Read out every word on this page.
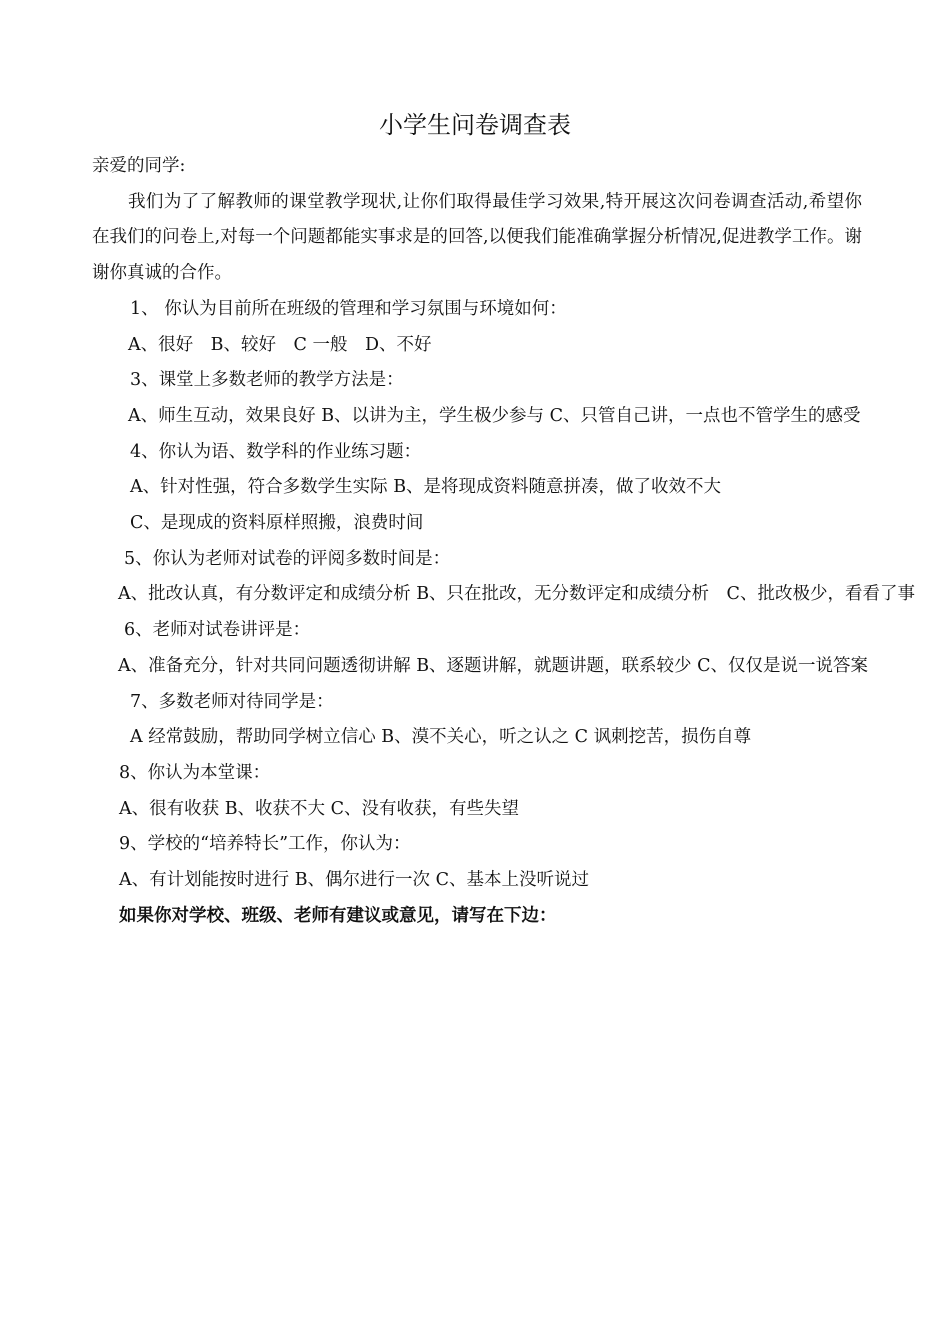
小学生问卷调查表

亲爱的同学:

我们为了了解教师的课堂教学现状,让你们取得最佳学习效果,特开展这次问卷调查活动,希望你在我们的问卷上,对每一个问题都能实事求是的回答,以便我们能准确掌握分析情况,促进教学工作。谢谢你真诚的合作。

1、 你认为目前所在班级的管理和学习氛围与环境如何：

A、很好　B、较好　C 一般　D、不好

3、课堂上多数老师的教学方法是：

A、师生互动，效果良好 B、以讲为主，学生极少参与 C、只管自己讲，一点也不管学生的感受

4、你认为语、数学科的作业练习题：

A、针对性强，符合多数学生实际 B、是将现成资料随意拼凑，做了收效不大

C、是现成的资料原样照搬，浪费时间

5、你认为老师对试卷的评阅多数时间是：

A、批改认真，有分数评定和成绩分析 B、只在批改，无分数评定和成绩分析　C、批改极少，看看了事

6、老师对试卷讲评是：

A、准备充分，针对共同问题透彻讲解 B、逐题讲解，就题讲题，联系较少 C、仅仅是说一说答案

7、多数老师对待同学是：

A 经常鼓励，帮助同学树立信心 B、漠不关心，听之认之 C 讽刺挖苦，损伤自尊

8、你认为本堂课：

A、很有收获 B、收获不大 C、没有收获，有些失望

9、学校的“培养特长”工作，你认为：

A、有计划能按时进行 B、偶尔进行一次 C、基本上没听说过

如果你对学校、班级、老师有建议或意见，请写在下边：
